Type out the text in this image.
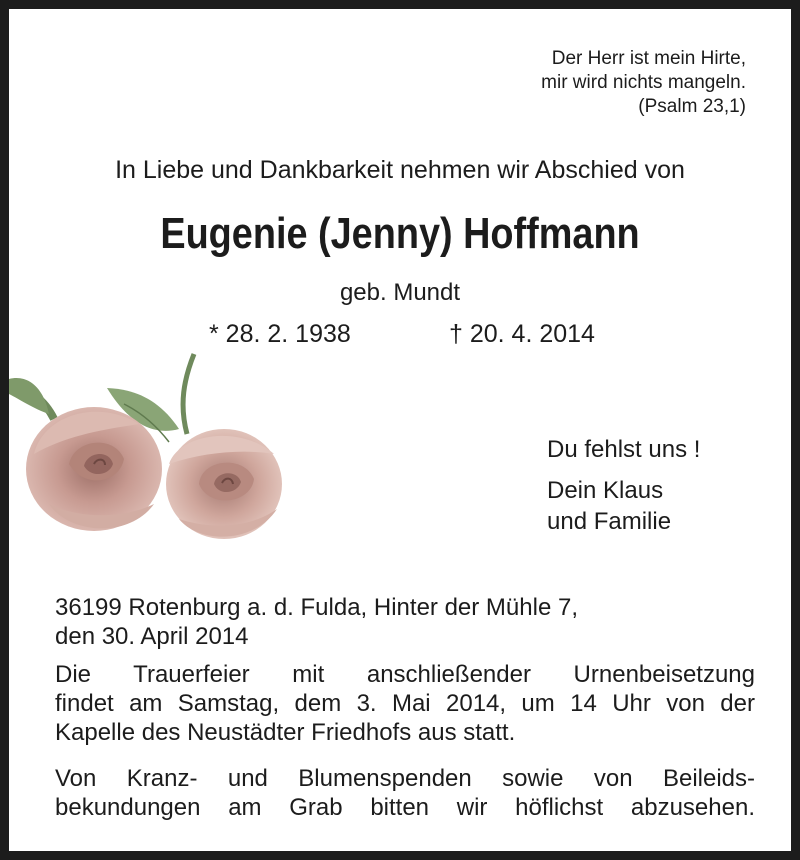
Der Herr ist mein Hirte,
mir wird nichts mangeln.
(Psalm 23,1)
In Liebe und Dankbarkeit nehmen wir Abschied von
Eugenie (Jenny) Hoffmann
geb. Mundt
* 28. 2. 1938	† 20. 4. 2014
Du fehlst uns !
Dein Klaus
und Familie
36199 Rotenburg a. d. Fulda, Hinter der Mühle 7,
den 30. April 2014
Die Trauerfeier mit anschließender Urnenbeisetzung
findet am Samstag, dem 3. Mai 2014, um 14 Uhr von der
Kapelle des Neustädter Friedhofs aus statt.
Von Kranz- und Blumenspenden sowie von Beileids-
bekundungen am Grab bitten wir höflichst abzusehen.
